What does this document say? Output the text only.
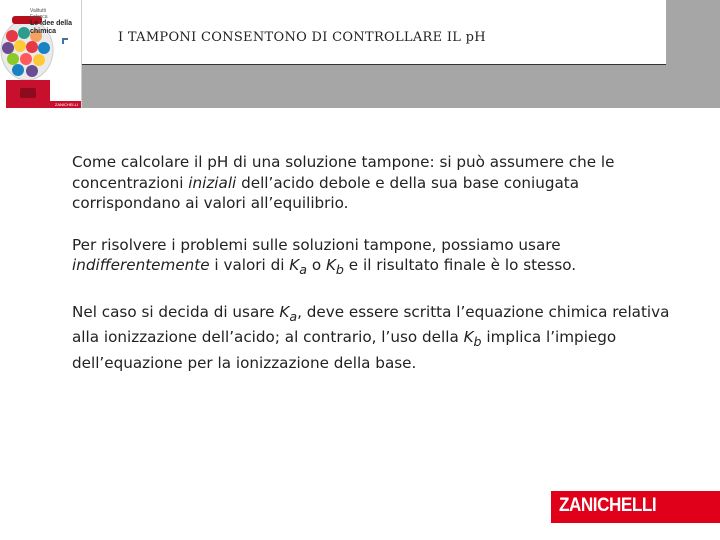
Valitutti
Falasca
Le idee della chimica
ZANICHELLI
I TAMPONI CONSENTONO DI CONTROLLARE IL pH

Come calcolare il pH di una soluzione tampone: si può assumere che le concentrazioni iniziali dell’acido debole e della sua base coniugata corrispondano ai valori all’equilibrio.

Per risolvere i problemi sulle soluzioni tampone, possiamo usare indifferentemente i valori di $K_a$ o $K_b$ e il risultato finale è lo stesso.

Nel caso si decida di usare $K_a$, deve essere scritta l’equazione chimica relativa alla ionizzazione dell’acido; al contrario, l’uso della $K_b$ implica l’impiego dell’equazione per la ionizzazione della base.

ZANICHELLI
